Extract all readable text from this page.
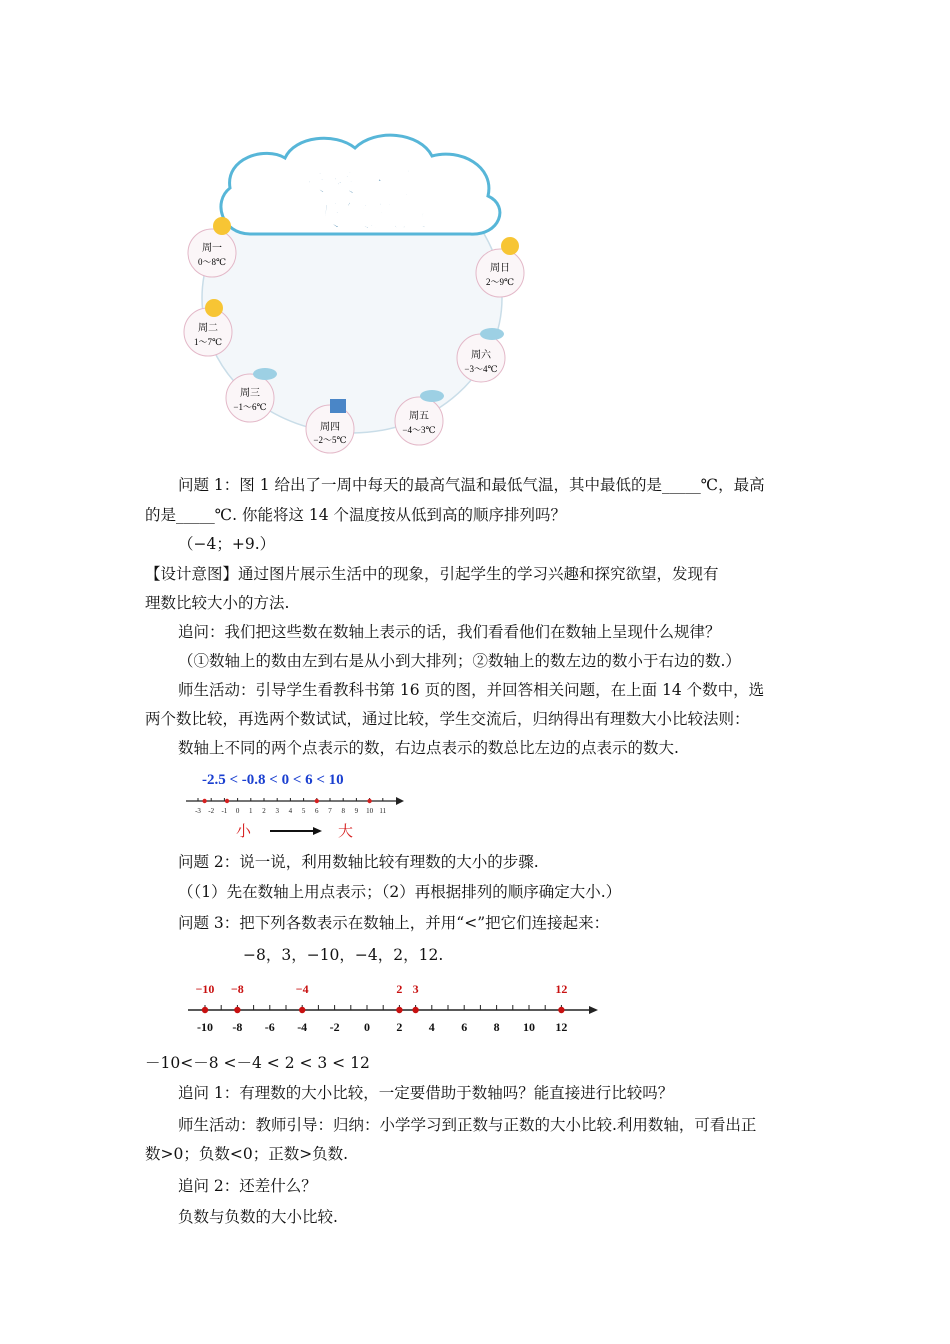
未来一周
天气预报
周一
0～8℃
周二
1～7℃
周三
−1～6℃
周四
−2～5℃
周五
−4～3℃
周六
−3～4℃
周日
2～9℃
问题 1：图 1 给出了一周中每天的最高气温和最低气温，其中最低的是_____℃，最高
的是_____℃. 你能将这 14 个温度按从低到高的顺序排列吗？
（−4；+9.）
【设计意图】通过图片展示生活中的现象，引起学生的学习兴趣和探究欲望，发现有
理数比较大小的方法.
追问：我们把这些数在数轴上表示的话，我们看看他们在数轴上呈现什么规律？
（①数轴上的数由左到右是从小到大排列；②数轴上的数左边的数小于右边的数.）
师生活动：引导学生看教科书第 16 页的图，并回答相关问题，在上面 14 个数中，选
两个数比较，再选两个数试试，通过比较，学生交流后，归纳得出有理数大小比较法则：
数轴上不同的两个点表示的数，右边点表示的数总比左边的点表示的数大.
-2.5 < -0.8 < 0 < 6 < 10
-3 -2 -1 0 1 2 3 4 5 6 7 8 9 10 11
小	大
问题 2：说一说，利用数轴比较有理数的大小的步骤.
（（1）先在数轴上用点表示；（2）再根据排列的顺序确定大小.）
问题 3：把下列各数表示在数轴上，并用“<”把它们连接起来：
−8，3，−10，−4，2，12.
-10 -8 -6 -4 -2 0 2 4 6 8 10 12
−10 −8	−4	2 3	12
－10<－8 <－4 < 2 < 3 < 12
追问 1：有理数的大小比较，一定要借助于数轴吗？能直接进行比较吗？
师生活动：教师引导：归纳：小学学习到正数与正数的大小比较.利用数轴，可看出正
数>0；负数<0；正数>负数.
追问 2：还差什么？
负数与负数的大小比较.
